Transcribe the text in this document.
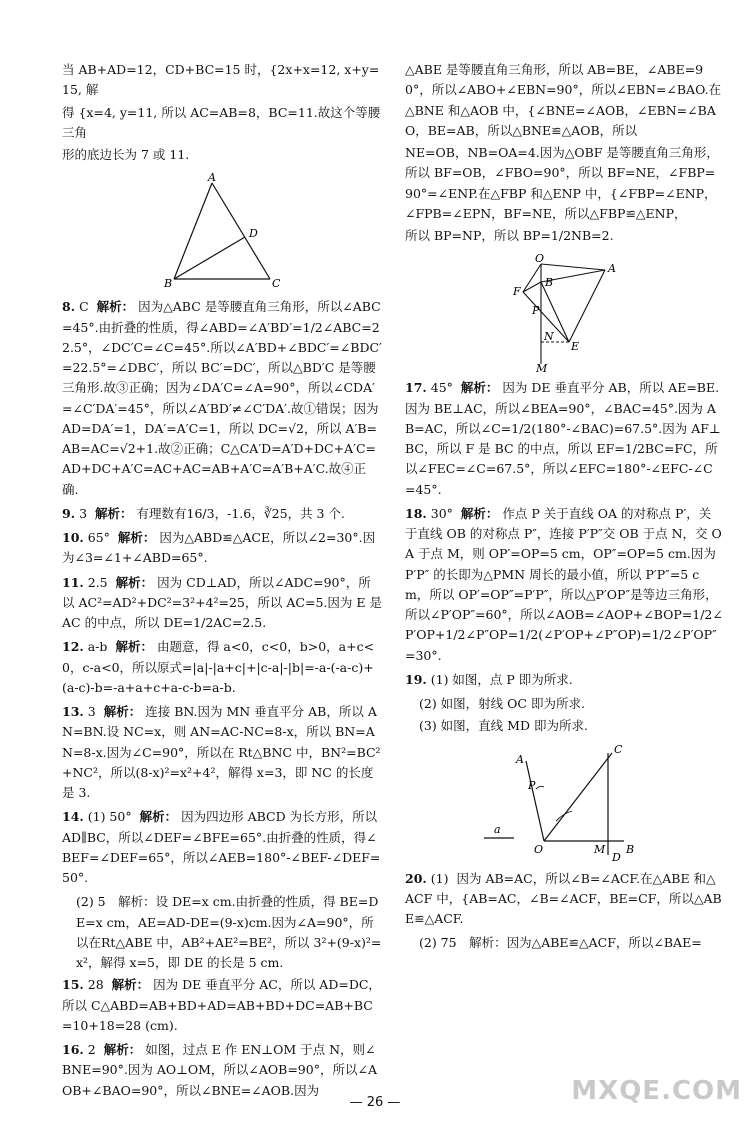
当 AB+AD=12，CD+BC=15 时，{2x+x=12, x+y=15, 解

得 {x=4, y=11, 所以 AC=AB=8，BC=11.故这个等腰三角

形的底边长为 7 或 11.

A
B	C
D

8. C 解析： 因为△ABC 是等腰直角三角形，所以∠ABC=45°.由折叠的性质，得∠ABD=∠A′BD′=1/2∠ABC=22.5°，∠DC′C=∠C=45°.所以∠A′BD+∠BDC′=∠BDC′=22.5°=∠DBC′，所以 BC′=DC′，所以△BD′C 是等腰三角形.故③正确；因为∠DA′C=∠A=90°，所以∠CDA′=∠C′DA′=45°，所以∠A′BD′≠∠C′DA′.故①错误；因为 AD=DA′=1，DA′=A′C=1，所以 DC=√2，所以 A′B=AB=AC=√2+1.故②正确；C△CA′D=A′D+DC+A′C=AD+DC+A′C=AC+AC=AB+A′C=A′B+A′C.故④正确.

9. 3 解析： 有理数有16/3，-1.6，∛25，共 3 个.

10. 65° 解析： 因为△ABD≌△ACE，所以∠2=30°.因为∠3=∠1+∠ABD=65°.

11. 2.5 解析： 因为 CD⊥AD，所以∠ADC=90°，所以 AC²=AD²+DC²=3²+4²=25，所以 AC=5.因为 E 是 AC 的中点，所以 DE=1/2AC=2.5.

12. a-b 解析： 由题意，得 a<0，c<0，b>0，a+c<0，c-a<0，所以原式=|a|-|a+c|+|c-a|-|b|=-a-(-a-c)+(a-c)-b=-a+a+c+a-c-b=a-b.

13. 3 解析： 连接 BN.因为 MN 垂直平分 AB，所以 AN=BN.设 NC=x，则 AN=AC-NC=8-x，所以 BN=AN=8-x.因为∠C=90°，所以在 Rt△BNC 中，BN²=BC²+NC²，所以(8-x)²=x²+4²，解得 x=3，即 NC 的长度是 3.

14. (1) 50° 解析： 因为四边形 ABCD 为长方形，所以 AD∥BC，所以∠DEF=∠BFE=65°.由折叠的性质，得∠BEF=∠DEF=65°，所以∠AEB=180°-∠BEF-∠DEF=50°.

(2) 5　解析：设 DE=x cm.由折叠的性质，得 BE=DE=x cm，AE=AD-DE=(9-x)cm.因为∠A=90°，所以在Rt△ABE 中，AB²+AE²=BE²，所以 3²+(9-x)²=x²，解得 x=5，即 DE 的长是 5 cm.

15. 28 解析： 因为 DE 垂直平分 AC，所以 AD=DC，所以 C△ABD=AB+BD+AD=AB+BD+DC=AB+BC=10+18=28 (cm).

16. 2 解析： 如图，过点 E 作 EN⊥OM 于点 N，则∠BNE=90°.因为 AO⊥OM，所以∠AOB=90°，所以∠AOB+∠BAO=90°，所以∠BNE=∠AOB.因为

△ABE 是等腰直角三角形，所以 AB=BE，∠ABE=90°，所以∠ABO+∠EBN=90°，所以∠EBN=∠BAO.在△BNE 和△AOB 中，{∠BNE=∠AOB，∠EBN=∠BAO，BE=AB，所以△BNE≌△AOB，所以

NE=OB，NB=OA=4.因为△OBF 是等腰直角三角形，所以 BF=OB，∠FBO=90°，所以 BF=NE，∠FBP=90°=∠ENP.在△FBP 和△ENP 中，{∠FBP=∠ENP，∠FPB=∠EPN，BF=NE，所以△FBP≌△ENP，

所以 BP=NP，所以 BP=1/2NB=2.

O
A
B
F
P
N
E
M

17. 45° 解析： 因为 DE 垂直平分 AB，所以 AE=BE.因为 BE⊥AC，所以∠BEA=90°，∠BAC=45°.因为 AB=AC，所以∠C=1/2(180°-∠BAC)=67.5°.因为 AF⊥BC，所以 F 是 BC 的中点，所以 EF=1/2BC=FC，所以∠FEC=∠C=67.5°，所以∠EFC=180°-∠EFC-∠C=45°.

18. 30° 解析： 作点 P 关于直线 OA 的对称点 P′，关于直线 OB 的对称点 P″，连接 P′P″交 OB 于点 N，交 OA 于点 M，则 OP′=OP=5 cm，OP″=OP=5 cm.因为 P′P″ 的长即为△PMN 周长的最小值，所以 P′P″=5 cm，所以 OP′=OP″=P′P″，所以△P′OP″是等边三角形，所以∠P′OP″=60°，所以∠AOB=∠AOP+∠BOP=1/2∠P′OP+1/2∠P″OP=1/2(∠P′OP+∠P″OP)=1/2∠P′OP″=30°.

19. (1) 如图，点 P 即为所求.

(2) 如图，射线 OC 即为所求.

(3) 如图，直线 MD 即为所求.

a
A
C
P
O	M B
D

20. (1) 因为 AB=AC，所以∠B=∠ACF.在△ABE 和△ACF 中，{AB=AC，∠B=∠ACF，BE=CF，所以△ABE≌△ACF.

(2) 75　解析：因为△ABE≌△ACF，所以∠BAE=

— 26 —	MXQE.COM
